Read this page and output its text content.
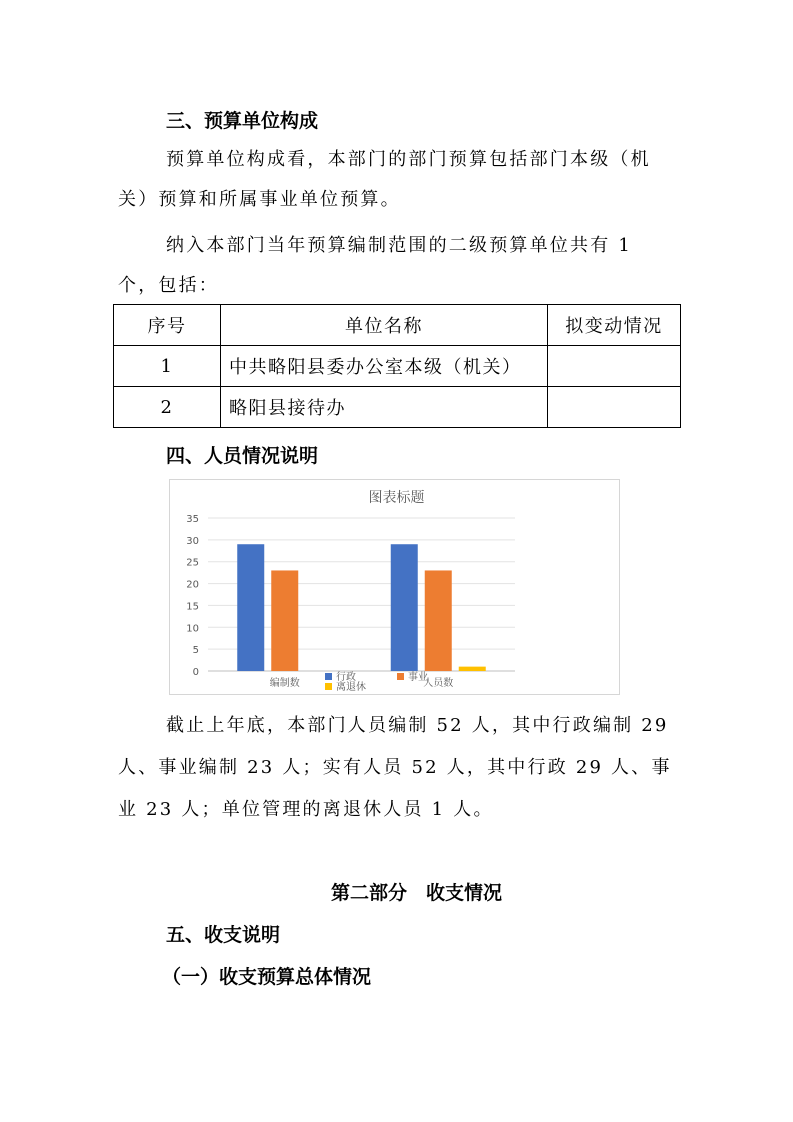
三、预算单位构成
预算单位构成看，本部门的部门预算包括部门本级（机
关）预算和所属事业单位预算。
纳入本部门当年预算编制范围的二级预算单位共有 1
个，包括：
序号	单位名称	拟变动情况
1	中共略阳县委办公室本级（机关）	
2	略阳县接待办	
四、人员情况说明
图表标题
0
5
10
15
20
25
30
35
编制数	人员数
行政	事业
离退休
截止上年底，本部门人员编制 52 人，其中行政编制 29
人、事业编制 23 人；实有人员 52 人，其中行政 29 人、事
业 23 人；单位管理的离退休人员 1 人。
第二部分　收支情况
五、收支说明
（一）收支预算总体情况
